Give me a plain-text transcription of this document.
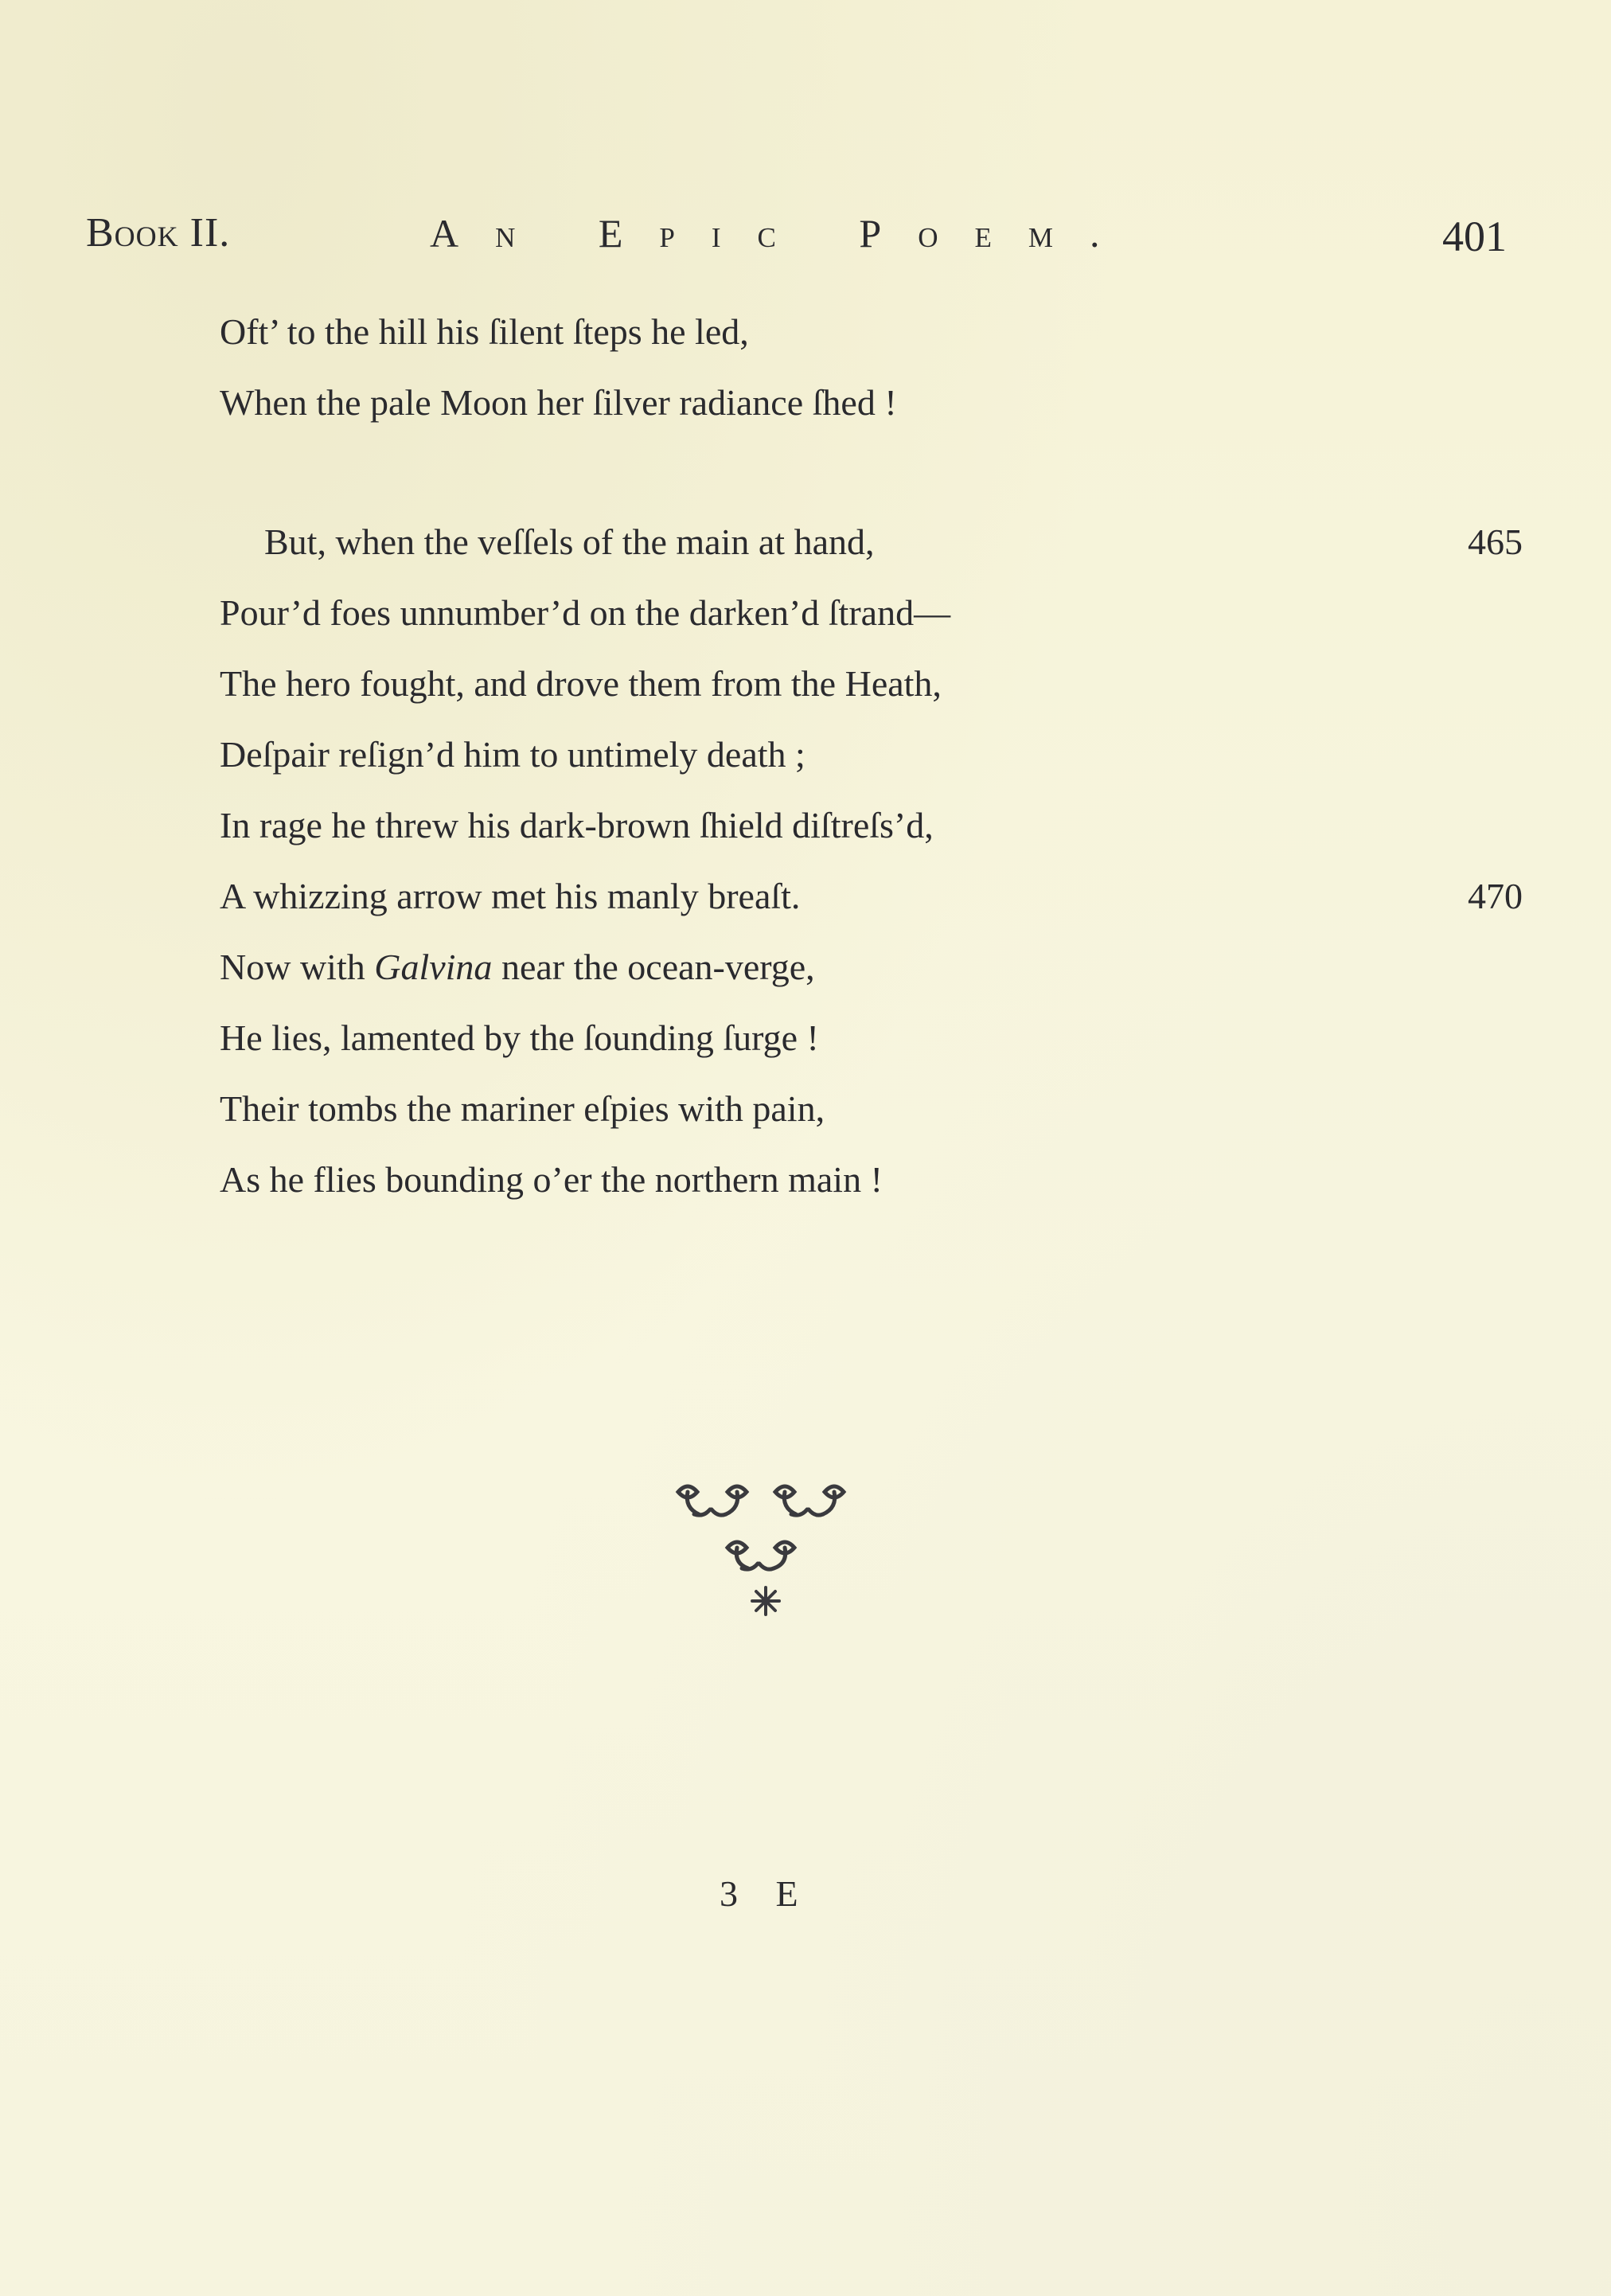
Book II.	An Epic Poem.	401
Oft’ to the hill his ſilent ſteps he led,
When the pale Moon her ſilver radiance ſhed !
But, when the veſſels of the main at hand,	465
Pour’d foes unnumber’d on the darken’d ſtrand—
The hero fought, and drove them from the Heath,
Deſpair reſign’d him to untimely death ;
In rage he threw his dark-brown ſhield diſtreſs’d,
A whizzing arrow met his manly breaſt.	470
Now with Galvina near the ocean-verge,
He lies, lamented by the ſounding ſurge !
Their tombs the mariner eſpies with pain,
As he flies bounding o’er the northern main !
3 E
